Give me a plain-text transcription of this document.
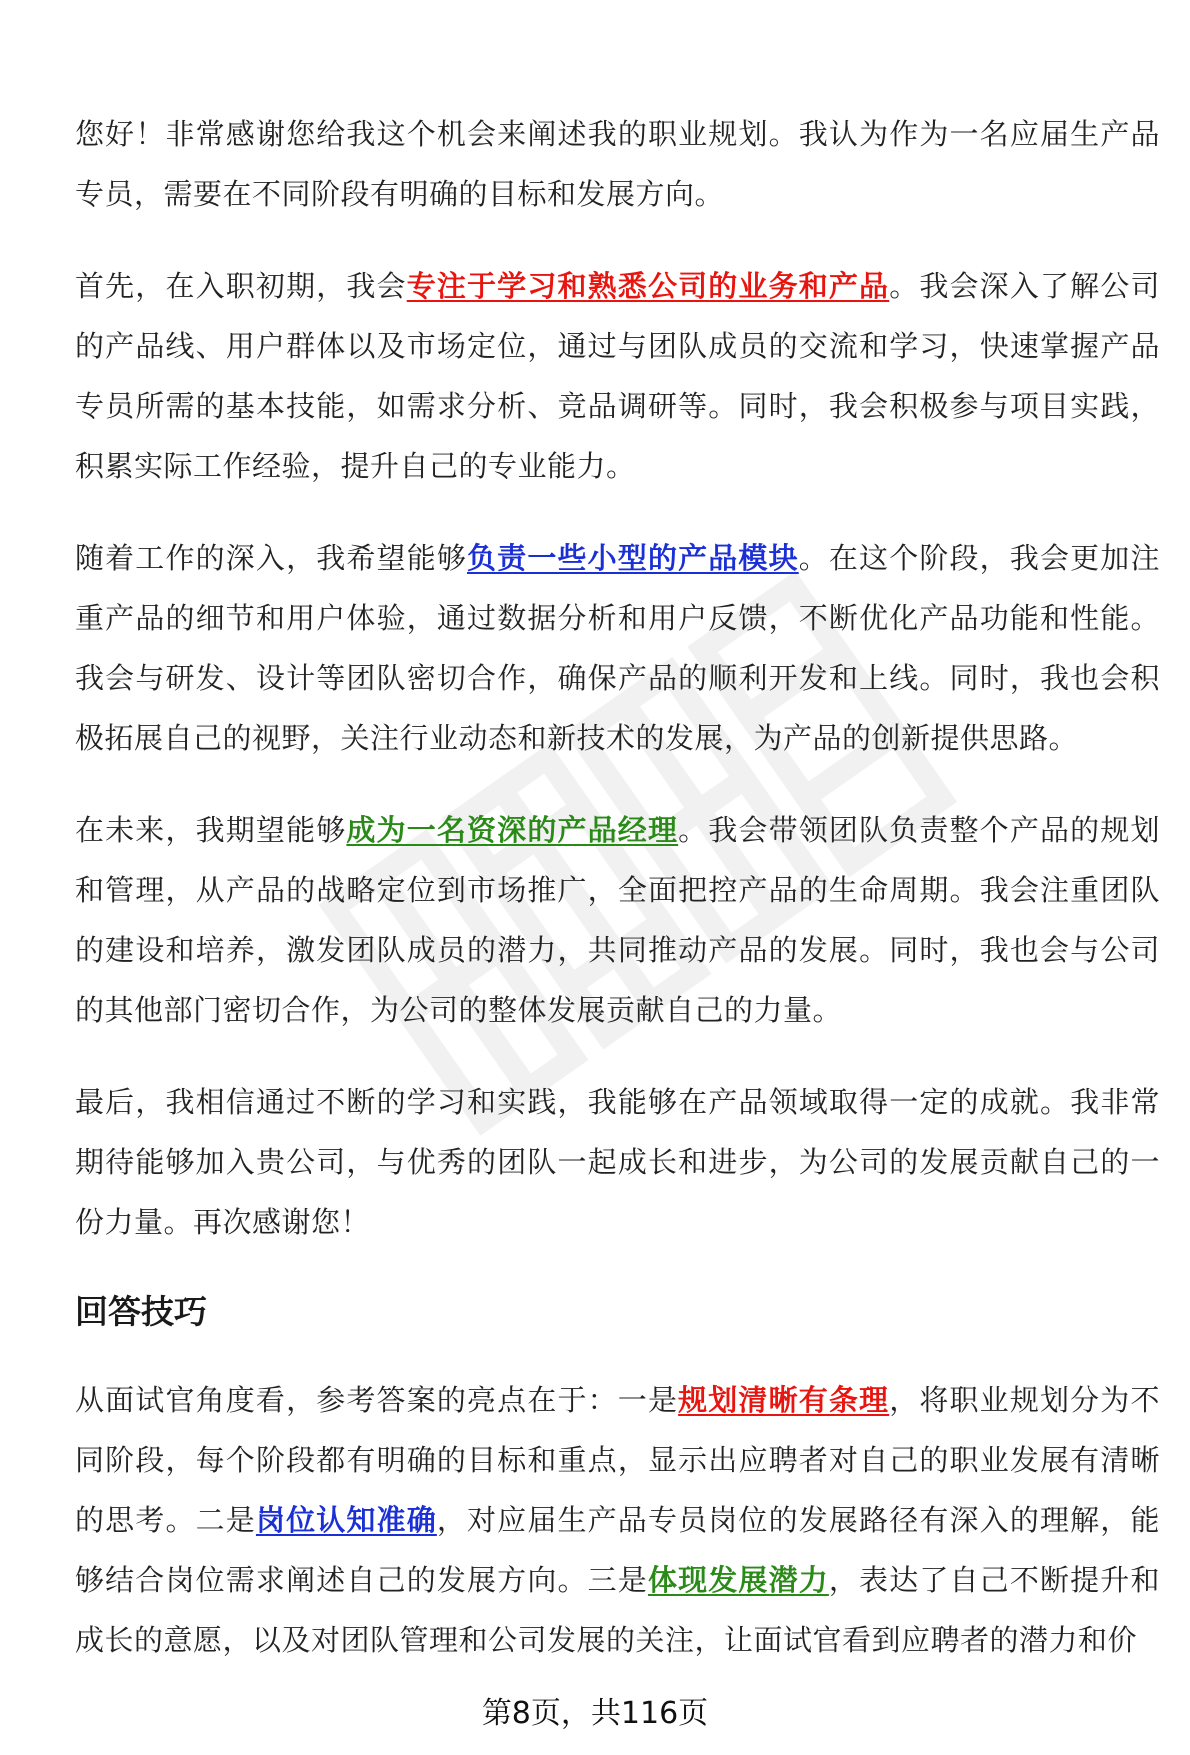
您好！非常感谢您给我这个机会来阐述我的职业规划。我认为作为一名应届生产品专员，需要在不同阶段有明确的目标和发展方向。

首先，在入职初期，我会专注于学习和熟悉公司的业务和产品。我会深入了解公司的产品线、用户群体以及市场定位，通过与团队成员的交流和学习，快速掌握产品专员所需的基本技能，如需求分析、竞品调研等。同时，我会积极参与项目实践，积累实际工作经验，提升自己的专业能力。

随着工作的深入，我希望能够负责一些小型的产品模块。在这个阶段，我会更加注重产品的细节和用户体验，通过数据分析和用户反馈，不断优化产品功能和性能。我会与研发、设计等团队密切合作，确保产品的顺利开发和上线。同时，我也会积极拓展自己的视野，关注行业动态和新技术的发展，为产品的创新提供思路。

在未来，我期望能够成为一名资深的产品经理。我会带领团队负责整个产品的规划和管理，从产品的战略定位到市场推广，全面把控产品的生命周期。我会注重团队的建设和培养，激发团队成员的潜力，共同推动产品的发展。同时，我也会与公司的其他部门密切合作，为公司的整体发展贡献自己的力量。

最后，我相信通过不断的学习和实践，我能够在产品领域取得一定的成就。我非常期待能够加入贵公司，与优秀的团队一起成长和进步，为公司的发展贡献自己的一份力量。再次感谢您！

回答技巧

从面试官角度看，参考答案的亮点在于：一是规划清晰有条理，将职业规划分为不同阶段，每个阶段都有明确的目标和重点，显示出应聘者对自己的职业发展有清晰的思考。二是岗位认知准确，对应届生产品专员岗位的发展路径有深入的理解，能够结合岗位需求阐述自己的发展方向。三是体现发展潜力，表达了自己不断提升和成长的意愿，以及对团队管理和公司发展的关注，让面试官看到应聘者的潜力和价

第8页，共116页
